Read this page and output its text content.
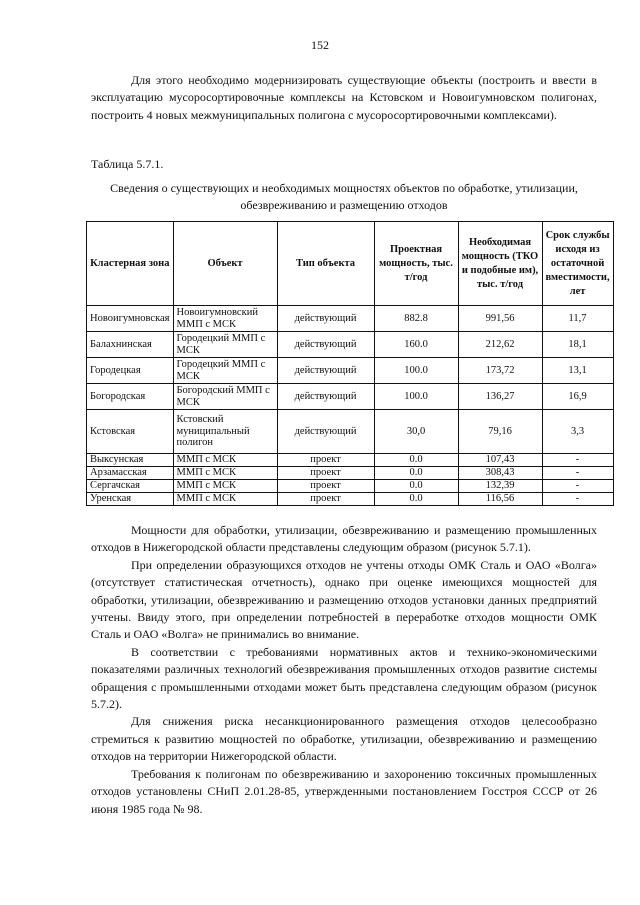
152
Для этого необходимо модернизировать существующие объекты (построить и ввести в эксплуатацию мусоросортировочные комплексы на Кстовском и Новоигумновском полигонах, построить 4 новых межмуниципальных полигона с мусоросортировочными комплексами).
Таблица 5.7.1.
Сведения о существующих и необходимых мощностях объектов по обработке, утилизации, обезвреживанию и размещению отходов
Кластерная зона	Объект	Тип объекта	Проектная мощность, тыс. т/год	Необходимая мощность (ТКО и подобные им), тыс. т/год	Срок службы исходя из остаточной вместимости, лет
Новоигумновская	Новоигумновский ММП с МСК	действующий	882.8	991,56	11,7
Балахнинская	Городецкий ММП с МСК	действующий	160.0	212,62	18,1
Городецкая	Городецкий ММП с МСК	действующий	100.0	173,72	13,1
Богородская	Богородский ММП с МСК	действующий	100.0	136,27	16,9
Кстовская	Кстовский муниципальный полигон	действующий	30,0	79,16	3,3
Выксунская	ММП с МСК	проект	0.0	107,43	-
Арзамасская	ММП с МСК	проект	0.0	308,43	-
Сергачская	ММП с МСК	проект	0.0	132,39	-
Уренская	ММП с МСК	проект	0.0	116,56	-
Мощности для обработки, утилизации, обезвреживанию и размещению промышленных отходов в Нижегородской области представлены следующим образом (рисунок 5.7.1).
При определении образующихся отходов не учтены отходы ОМК Сталь и ОАО «Волга» (отсутствует статистическая отчетность), однако при оценке имеющихся мощностей для обработки, утилизации, обезвреживанию и размещению отходов установки данных предприятий учтены. Ввиду этого, при определении потребностей в переработке отходов мощности ОМК Сталь и ОАО «Волга» не принимались во внимание.
В соответствии с требованиями нормативных актов и технико-экономическими показателями различных технологий обезвреживания промышленных отходов развитие системы обращения с промышленными отходами может быть представлена следующим образом (рисунок 5.7.2).
Для снижения риска несанкционированного размещения отходов целесообразно стремиться к развитию мощностей по обработке, утилизации, обезвреживанию и размещению отходов на территории Нижегородской области.
Требования к полигонам по обезвреживанию и захоронению токсичных промышленных отходов установлены СНиП 2.01.28-85, утвержденными постановлением Госстроя СССР от 26 июня 1985 года № 98.
